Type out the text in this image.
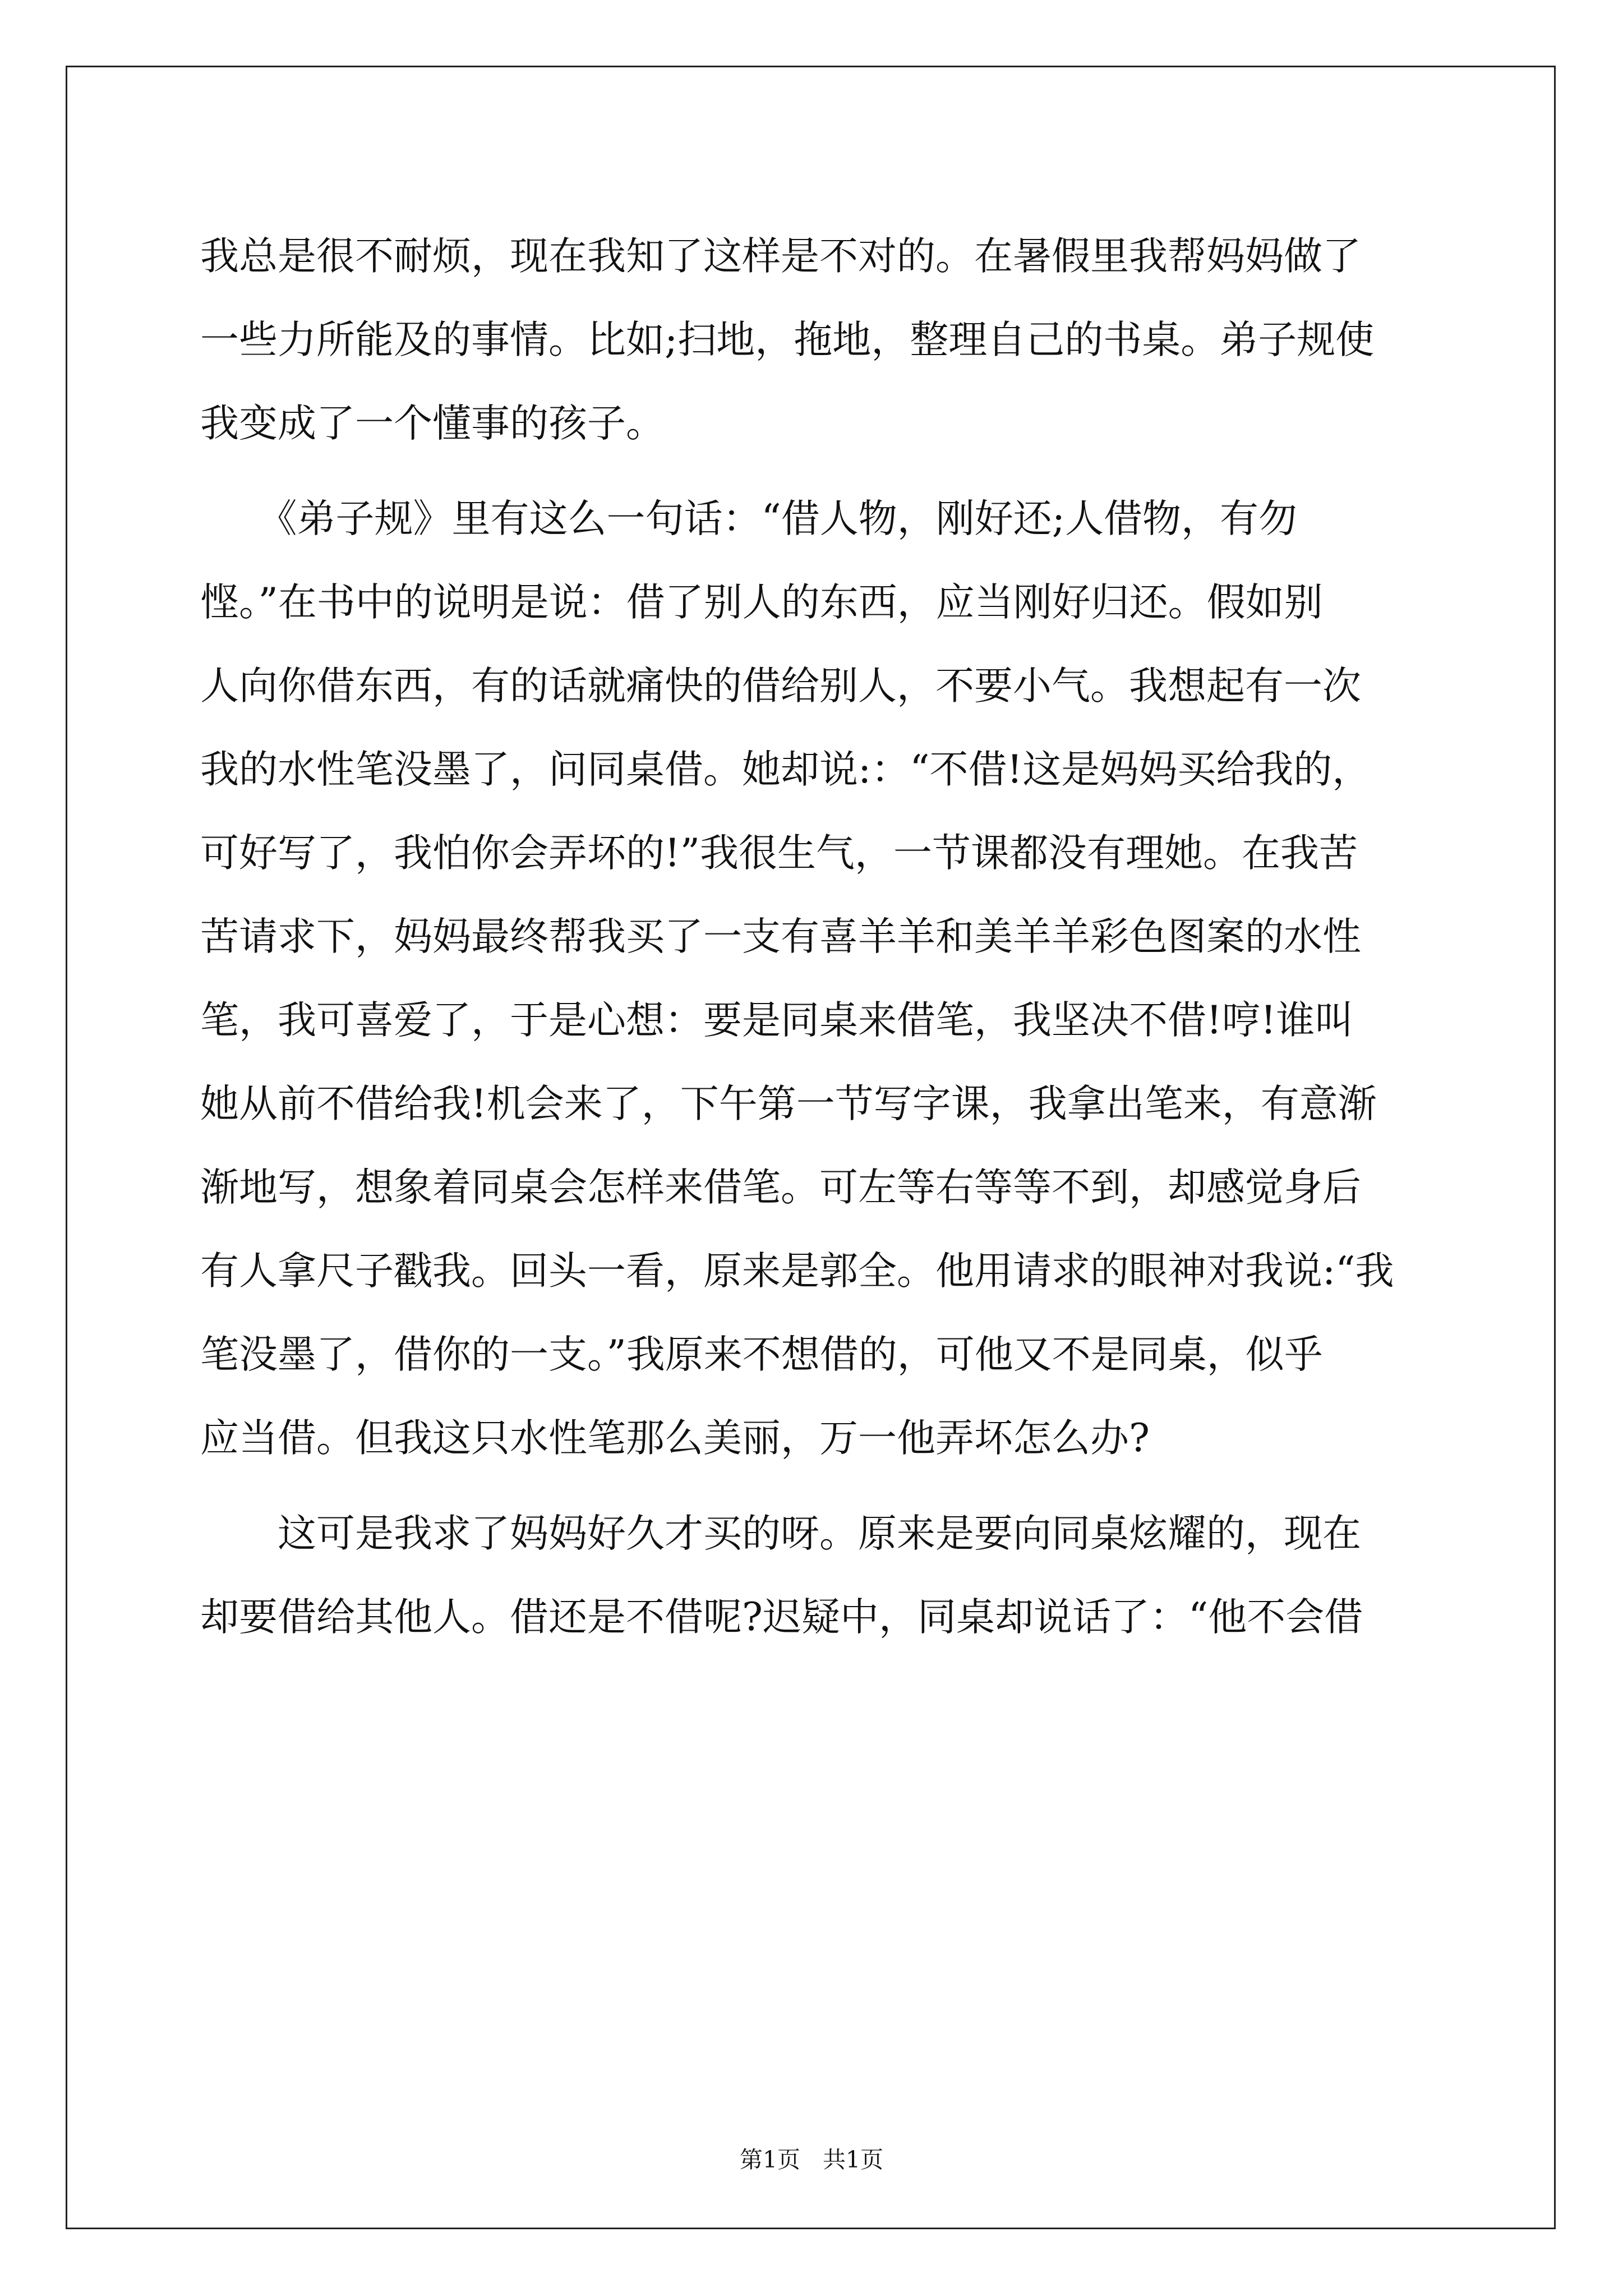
我总是很不耐烦，现在我知了这样是不对的。在暑假里我帮妈妈做了
一些力所能及的事情。比如;扫地，拖地，整理自己的书桌。弟子规使
我变成了一个懂事的孩子。
　　《弟子规》里有这么一句话：“借人物，刚好还;人借物，有勿
悭。”在书中的说明是说：借了别人的东西，应当刚好归还。假如别
人向你借东西，有的话就痛快的借给别人，不要小气。我想起有一次
我的水性笔没墨了，问同桌借。她却说:：“不借!这是妈妈买给我的，
可好写了，我怕你会弄坏的!”我很生气，一节课都没有理她。在我苦
苦请求下，妈妈最终帮我买了一支有喜羊羊和美羊羊彩色图案的水性
笔，我可喜爱了，于是心想：要是同桌来借笔，我坚决不借!哼!谁叫
她从前不借给我!机会来了，下午第一节写字课，我拿出笔来，有意渐
渐地写，想象着同桌会怎样来借笔。可左等右等等不到，却感觉身后
有人拿尺子戳我。回头一看，原来是郭全。他用请求的眼神对我说:“我
笔没墨了，借你的一支。”我原来不想借的，可他又不是同桌，似乎
应当借。但我这只水性笔那么美丽，万一他弄坏怎么办?
　　这可是我求了妈妈好久才买的呀。原来是要向同桌炫耀的，现在
却要借给其他人。借还是不借呢?迟疑中，同桌却说话了：“他不会借
第1页 共1页
